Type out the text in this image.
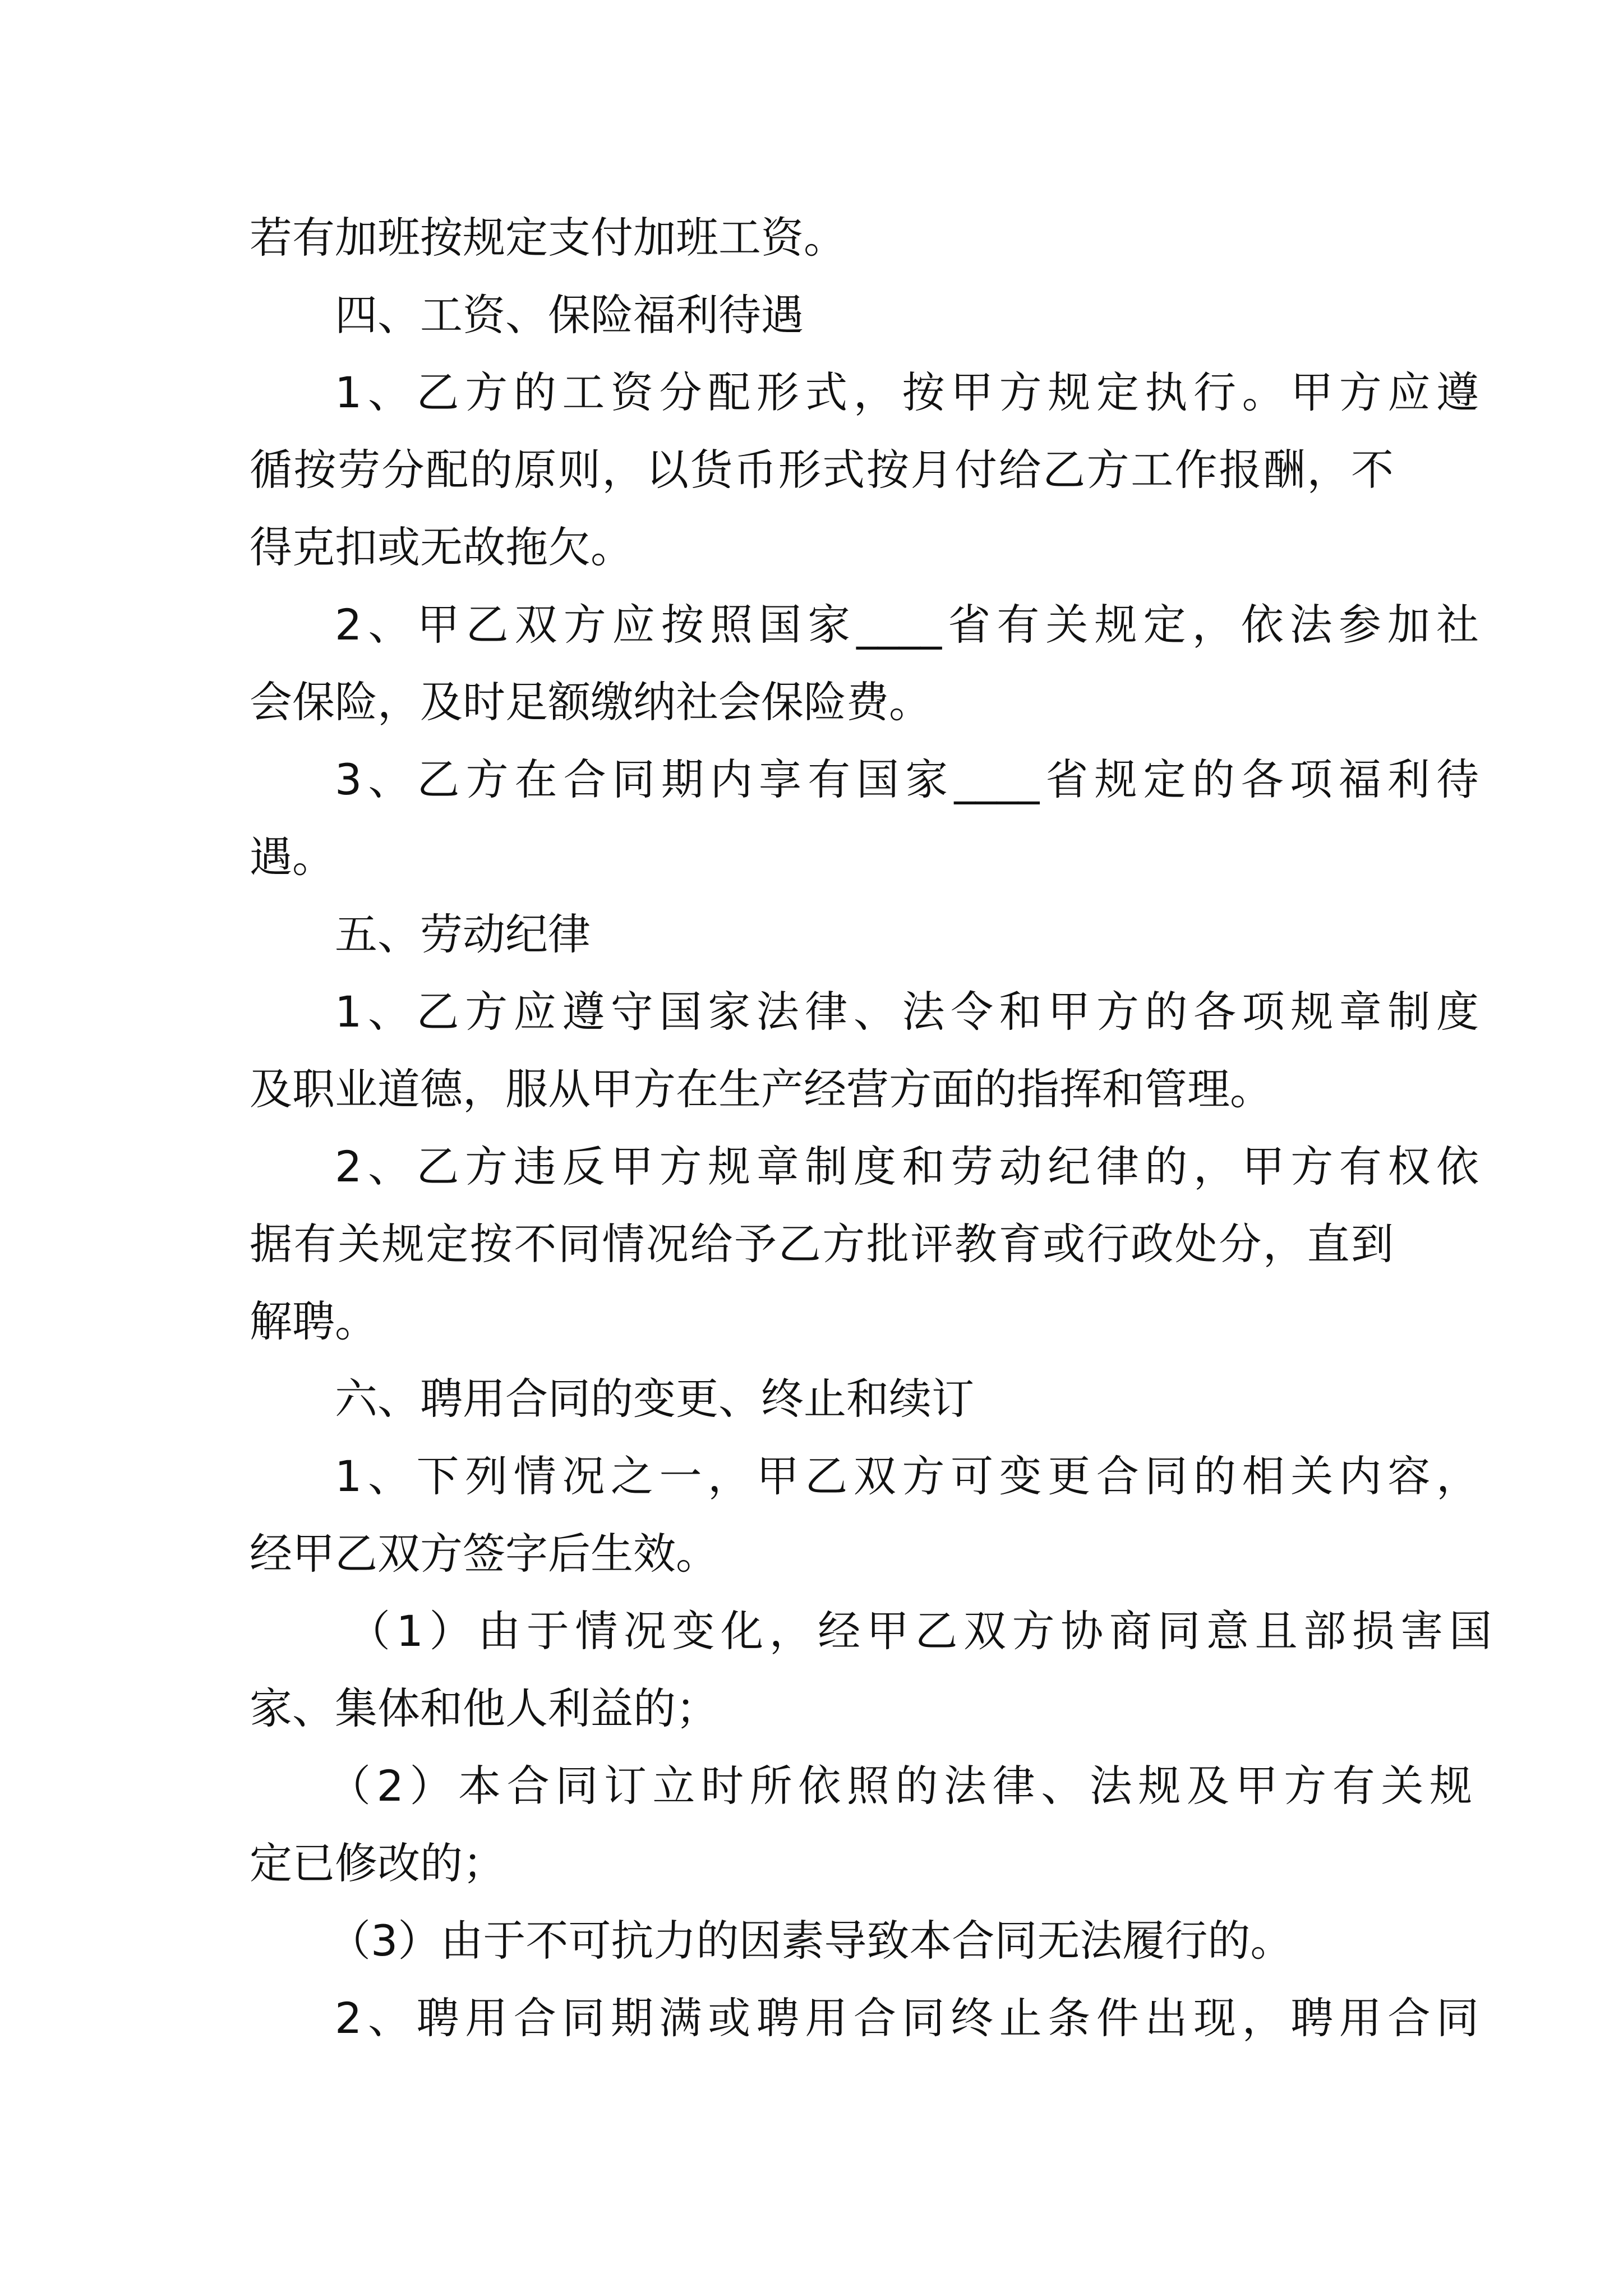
若有加班按规定支付加班工资。
四、工资、保险福利待遇
1、乙方的工资分配形式，按甲方规定执行。甲方应遵
循按劳分配的原则，以货币形式按月付给乙方工作报酬，不
得克扣或无故拖欠。
2、甲乙双方应按照国家____省有关规定，依法参加社
会保险，及时足额缴纳社会保险费。
3、乙方在合同期内享有国家____省规定的各项福利待
遇。
五、劳动纪律
1、乙方应遵守国家法律、法令和甲方的各项规章制度
及职业道德，服从甲方在生产经营方面的指挥和管理。
2、乙方违反甲方规章制度和劳动纪律的，甲方有权依
据有关规定按不同情况给予乙方批评教育或行政处分，直到
解聘。
六、聘用合同的变更、终止和续订
1、下列情况之一，甲乙双方可变更合同的相关内容，
经甲乙双方签字后生效。
（1）由于情况变化，经甲乙双方协商同意且部损害国
家、集体和他人利益的；
（2）本合同订立时所依照的法律、法规及甲方有关规
定已修改的；
（3）由于不可抗力的因素导致本合同无法履行的。
2、聘用合同期满或聘用合同终止条件出现，聘用合同
